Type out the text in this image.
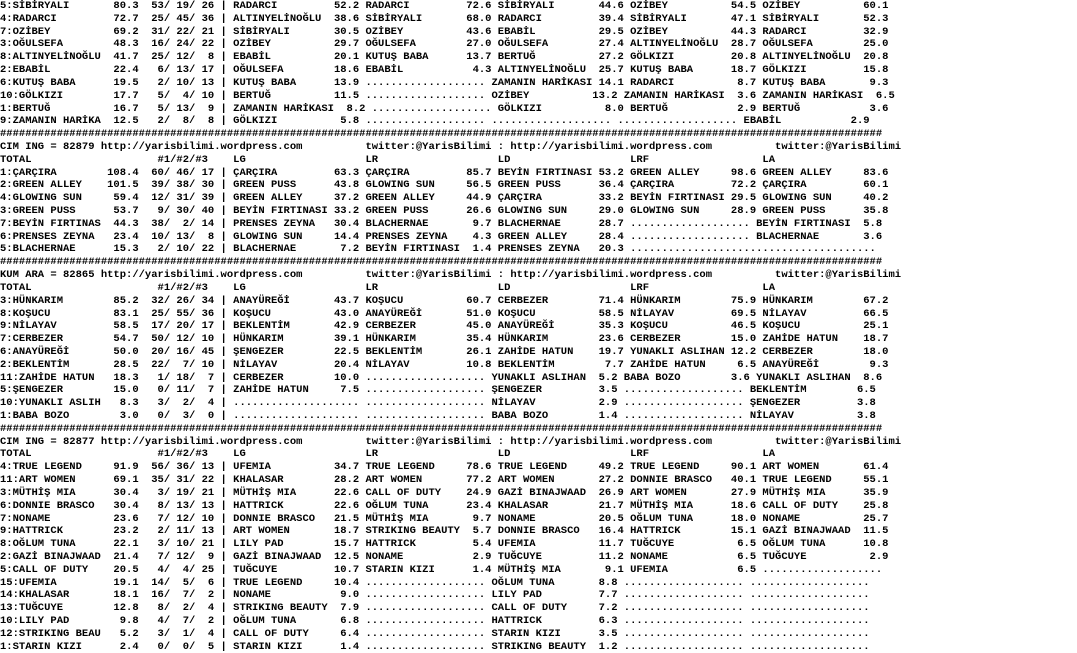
5:SİBİRYALI       80.3  53/ 19/ 26 | RADARCI         52.2 RADARCI         72.6 SİBİRYALI       44.6 OZİBEY          54.5 OZİBEY          60.1
4:RADARCI         72.7  25/ 45/ 36 | ALTINYELİNOĞLU  38.6 SİBİRYALI       68.0 RADARCI         39.4 SİBİRYALI       47.1 SİBİRYALI       52.3
7:OZİBEY          69.2  31/ 22/ 21 | SİBİRYALI       30.5 OZİBEY          43.6 EBABİL          29.5 OZİBEY          44.3 RADARCI         32.9
3:OĞULSEFA        48.3  16/ 24/ 22 | OZİBEY          29.7 OĞULSEFA        27.0 OĞULSEFA        27.4 ALTINYELİNOĞLU  28.7 OĞULSEFA        25.0
8:ALTINYELİNOĞLU  41.7  25/ 12/  8 | EBABİL          20.1 KUTUŞ BABA      13.7 BERTUĞ          27.2 GÖLKIZI         20.8 ALTINYELİNOĞLU  20.8
2:EBABİL          22.4   6/ 13/ 17 | OĞULSEFA        18.6 EBABİL           4.3 ALTINYELİNOĞLU  25.7 KUTUŞ BABA      18.7 GÖLKIZI         15.8
6:KUTUŞ BABA      19.5   2/ 10/ 13 | KUTUŞ BABA      13.9 ................... ZAMANIN HARİKASI 14.1 RADARCI          8.7 KUTUŞ BABA       9.3
10:GÖLKIZI        17.7   5/  4/ 10 | BERTUĞ          11.5 ................... OZİBEY          13.2 ZAMANIN HARİKASI  3.6 ZAMANIN HARİKASI  6.5
1:BERTUĞ          16.7   5/ 13/  9 | ZAMANIN HARİKASI  8.2 ................... GÖLKIZI          8.0 BERTUĞ           2.9 BERTUĞ           3.6
9:ZAMANIN HARİKA  12.5   2/  8/  8 | GÖLKIZI          5.8 ................... ................... ................... EBABİL           2.9
############################################################################################################################################
CIM ING = 82879 http://yarisbilimi.wordpress.com          twitter:@YarisBilimi : http://yarisbilimi.wordpress.com          twitter:@YarisBilimi
TOTAL                    #1/#2/#3    LG                   LR                   LD                   LRF                  LA
1:ÇARÇIRA        108.4  60/ 46/ 17 | ÇARÇIRA         63.3 ÇARÇIRA         85.7 BEYİN FIRTINASI 53.2 GREEN ALLEY     98.6 GREEN ALLEY     83.6
2:GREEN ALLEY    101.5  39/ 38/ 30 | GREEN PUSS      43.8 GLOWING SUN     56.5 GREEN PUSS      36.4 ÇARÇIRA         72.2 ÇARÇIRA         60.1
4:GLOWING SUN     59.4  12/ 31/ 39 | GREEN ALLEY     37.2 GREEN ALLEY     44.9 ÇARÇIRA         33.2 BEYİN FIRTINASI 29.5 GLOWING SUN     40.2
3:GREEN PUSS      53.7   9/ 30/ 40 | BEYİN FIRTINASI 33.2 GREEN PUSS      26.6 GLOWING SUN     29.0 GLOWING SUN     28.9 GREEN PUSS      35.8
7:BEYİN FIRTINAS  44.3  38/  2/ 14 | PRENSES ZEYNA   30.4 BLACHERNAE       9.7 BLACHERNAE      28.7 ................... BEYİN FIRTINASI  5.8
6:PRENSES ZEYNA   23.4  10/ 13/  8 | GLOWING SUN     14.4 PRENSES ZEYNA    4.3 GREEN ALLEY     28.4 ................... BLACHERNAE       3.6
5:BLACHERNAE      15.3   2/ 10/ 22 | BLACHERNAE       7.2 BEYİN FIRTINASI  1.4 PRENSES ZEYNA   20.3 .......................................
############################################################################################################################################
KUM ARA = 82865 http://yarisbilimi.wordpress.com          twitter:@YarisBilimi : http://yarisbilimi.wordpress.com          twitter:@YarisBilimi
TOTAL                    #1/#2/#3    LG                   LR                   LD                   LRF                  LA
3:HÜNKARIM        85.2  32/ 26/ 34 | ANAYÜREĞİ       43.7 KOŞUCU          60.7 CERBEZER        71.4 HÜNKARIM        75.9 HÜNKARIM        67.2
8:KOŞUCU          83.1  25/ 55/ 36 | KOŞUCU          43.0 ANAYÜREĞİ       51.0 KOŞUCU          58.5 NİLAYAV         69.5 NİLAYAV         66.5
9:NİLAYAV         58.5  17/ 20/ 17 | BEKLENTİM       42.9 CERBEZER        45.0 ANAYÜREĞİ       35.3 KOŞUCU          46.5 KOŞUCU          25.1
7:CERBEZER        54.7  50/ 12/ 10 | HÜNKARIM        39.1 HÜNKARIM        35.4 HÜNKARIM        23.6 CERBEZER        15.0 ZAHİDE HATUN    18.7
6:ANAYÜREĞİ       50.0  20/ 16/ 45 | ŞENGEZER        22.5 BEKLENTİM       26.1 ZAHİDE HATUN    19.7 YUNAKLI ASLIHAN 12.2 CERBEZER        18.0
2:BEKLENTİM       28.5  22/  7/ 10 | NİLAYAV         20.4 NİLAYAV         10.8 BEKLENTİM        7.7 ZAHİDE HATUN     6.5 ANAYÜREĞİ        9.3
11:ZAHİDE HATUN   18.3   1/ 18/  7 | CERBEZER        10.0 ................... YUNAKLI ASLIHAN  5.2 BABA BOZO        3.6 YUNAKLI ASLIHAN  8.6
5:ŞENGEZER        15.0   0/ 11/  7 | ZAHİDE HATUN     7.5 ................... ŞENGEZER         3.5 ................... BEKLENTİM        6.5
10:YUNAKLI ASLIH   8.3   3/  2/  4 | .................... ................... NİLAYAV          2.9 ................... ŞENGEZER         3.8
1:BABA BOZO        3.0   0/  3/  0 | .................... ................... BABA BOZO        1.4 ................... NİLAYAV          3.8
############################################################################################################################################
CIM ING = 82877 http://yarisbilimi.wordpress.com          twitter:@YarisBilimi : http://yarisbilimi.wordpress.com          twitter:@YarisBilimi
TOTAL                    #1/#2/#3    LG                   LR                   LD                   LRF                  LA
4:TRUE LEGEND     91.9  56/ 36/ 13 | UFEMIA          34.7 TRUE LEGEND     78.6 TRUE LEGEND     49.2 TRUE LEGEND     90.1 ART WOMEN       61.4
11:ART WOMEN      69.1  35/ 31/ 22 | KHALASAR        28.2 ART WOMEN       77.2 ART WOMEN       27.2 DONNIE BRASCO   40.1 TRUE LEGEND     55.1
3:MÜTHİŞ MIA      30.4   3/ 19/ 21 | MÜTHİŞ MIA      22.6 CALL OF DUTY    24.9 GAZİ BINAJWAAD  26.9 ART WOMEN       27.9 MÜTHİŞ MIA      35.9
6:DONNIE BRASCO   30.4   8/ 13/ 13 | HATTRICK        22.6 OĞLUM TUNA      23.4 KHALASAR        21.7 MÜTHİŞ MIA      18.6 CALL OF DUTY    25.8
7:NONAME          23.6   7/ 12/ 10 | DONNIE BRASCO   21.5 MÜTHİŞ MIA       9.7 NONAME          20.5 OĞLUM TUNA      18.0 NONAME          25.7
9:HATTRICK        23.2   2/ 11/ 13 | ART WOMEN       18.7 STRIKING BEAUTY  5.7 DONNIE BRASCO   16.4 HATTRICK        15.1 GAZİ BINAJWAAD  11.5
8:OĞLUM TUNA      22.1   3/ 10/ 21 | LILY PAD        15.7 HATTRICK         5.4 UFEMIA          11.7 TUĞCUYE          6.5 OĞLUM TUNA      10.8
2:GAZİ BINAJWAAD  21.4   7/ 12/  9 | GAZİ BINAJWAAD  12.5 NONAME           2.9 TUĞCUYE         11.2 NONAME           6.5 TUĞCUYE          2.9
5:CALL OF DUTY    20.5   4/  4/ 25 | TUĞCUYE         10.7 STARIN KIZI      1.4 MÜTHİŞ MIA       9.1 UFEMIA           6.5 ...................
15:UFEMIA         19.1  14/  5/  6 | TRUE LEGEND     10.4 ................... OĞLUM TUNA       8.8 ................... ...................
14:KHALASAR       18.1  16/  7/  2 | NONAME           9.0 ................... LILY PAD         7.7 ................... ...................
13:TUĞCUYE        12.8   8/  2/  4 | STRIKING BEAUTY  7.9 ................... CALL OF DUTY     7.2 ................... ...................
10:LILY PAD        9.8   4/  7/  2 | OĞLUM TUNA       6.8 ................... HATTRICK         6.3 ................... ...................
12:STRIKING BEAU   5.2   3/  1/  4 | CALL OF DUTY     6.4 ................... STARIN KIZI      3.5 ................... ...................
1:STARIN KIZI      2.4   0/  0/  5 | STARIN KIZI      1.4 ................... STRIKING BEAUTY  1.2 ................... ...................
